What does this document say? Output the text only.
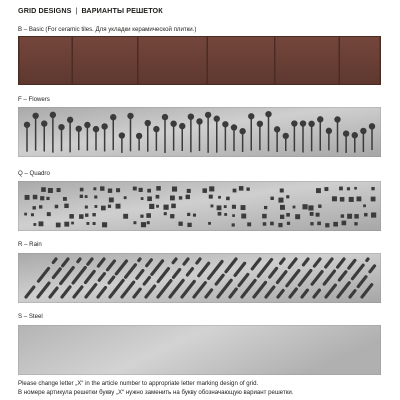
GRID DESIGNS | ВАРИАНТЫ РЕШЕТОК
B – Basic (For ceramic tiles. Для укладки керамической плитки.)
F – Flowers
Q – Quadro
R – Rain
S – Steel
Please change letter „X“ in the article number to appropriate letter marking design of grid.
В номере артикула решетки букву „X“ нужно заменить на букву обозначающую вариант решетки.
